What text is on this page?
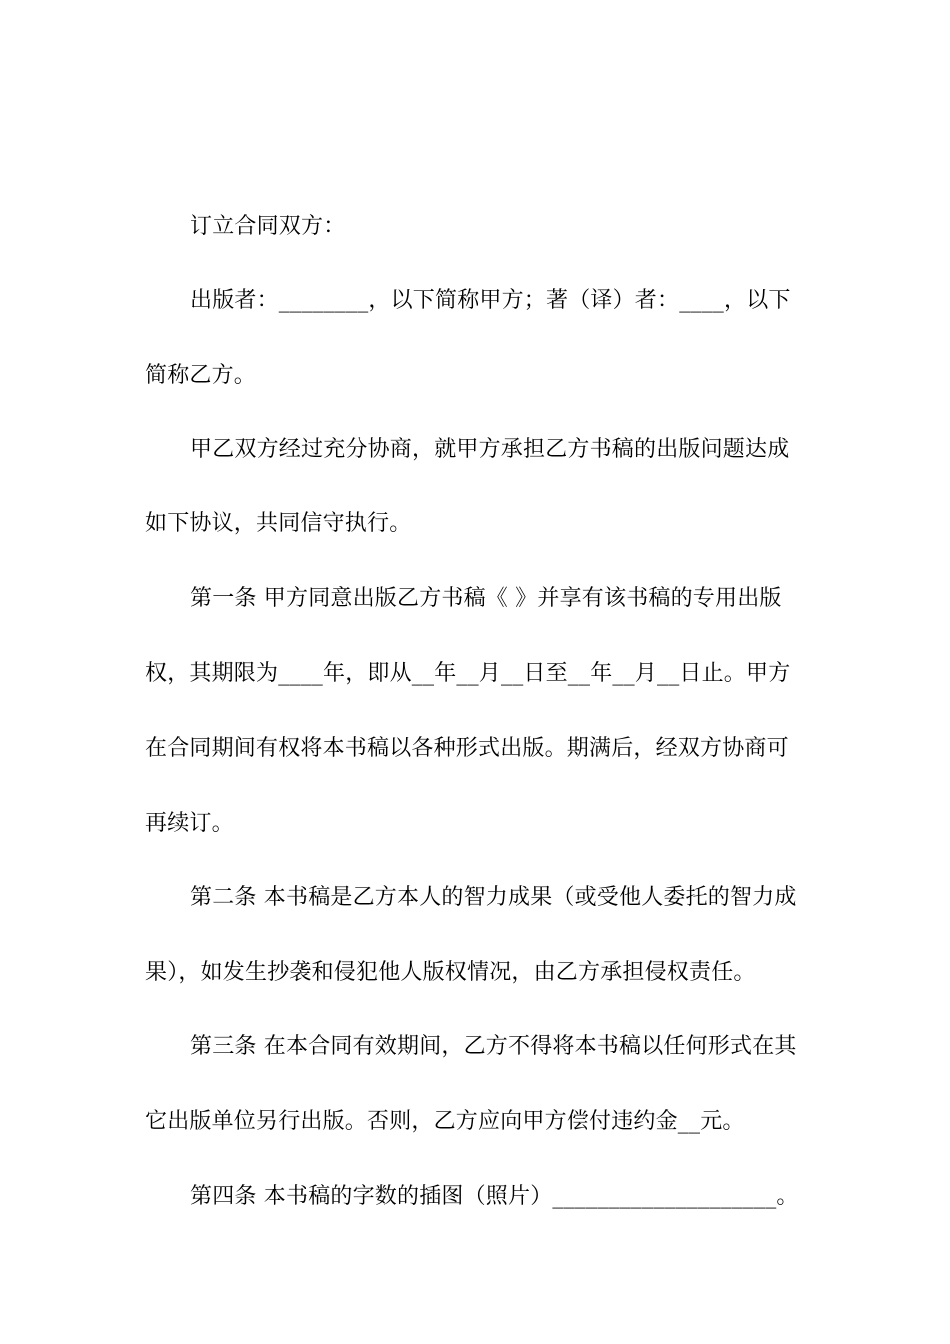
订立合同双方：
出版者：________，以下简称甲方；著（译）者：____，以下
简称乙方。
甲乙双方经过充分协商，就甲方承担乙方书稿的出版问题达成
如下协议，共同信守执行。
第一条 甲方同意出版乙方书稿《 》并享有该书稿的专用出版
权，其期限为____年，即从__年__月__日至__年__月__日止。甲方
在合同期间有权将本书稿以各种形式出版。期满后，经双方协商可
再续订。
第二条 本书稿是乙方本人的智力成果（或受他人委托的智力成
果），如发生抄袭和侵犯他人版权情况，由乙方承担侵权责任。
第三条 在本合同有效期间，乙方不得将本书稿以任何形式在其
它出版单位另行出版。否则，乙方应向甲方偿付违约金__元。
第四条 本书稿的字数的插图（照片）____________________。
